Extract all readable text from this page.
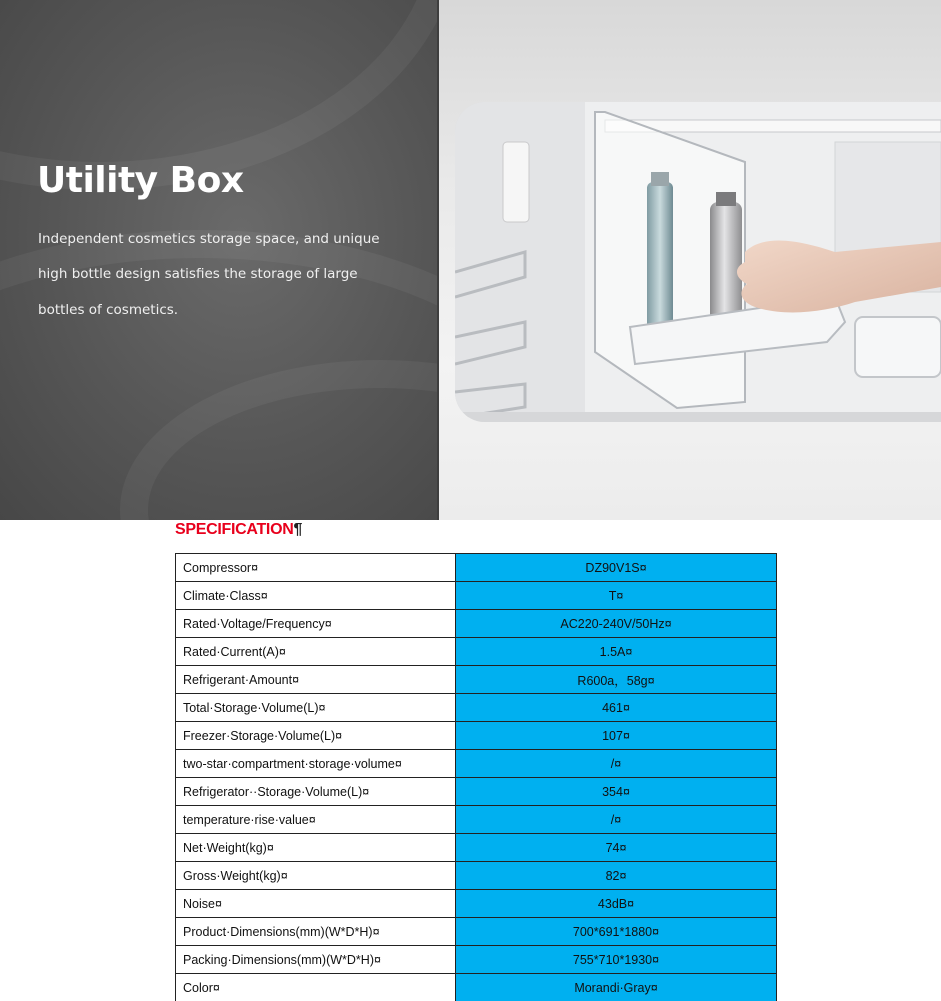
Utility Box
Independent cosmetics storage space, and unique
high bottle design satisfies the storage of large
bottles of cosmetics.
SPECIFICATION¶
Compressor¤	DZ90V1S¤
Climate·Class¤	T¤
Rated·Voltage/Frequency¤	AC220-240V/50Hz¤
Rated·Current(A)¤	1.5A¤
Refrigerant·Amount¤	R600a，58g¤
Total·Storage·Volume(L)¤	461¤
Freezer·Storage·Volume(L)¤	107¤
two-star·compartment·storage·volume¤	/¤
Refrigerator··Storage·Volume(L)¤	354¤
temperature·rise·value¤	/¤
Net·Weight(kg)¤	74¤
Gross·Weight(kg)¤	82¤
Noise¤	43dB¤
Product·Dimensions(mm)(W*D*H)¤	700*691*1880¤
Packing·Dimensions(mm)(W*D*H)¤	755*710*1930¤
Color¤	Morandi·Gray¤
